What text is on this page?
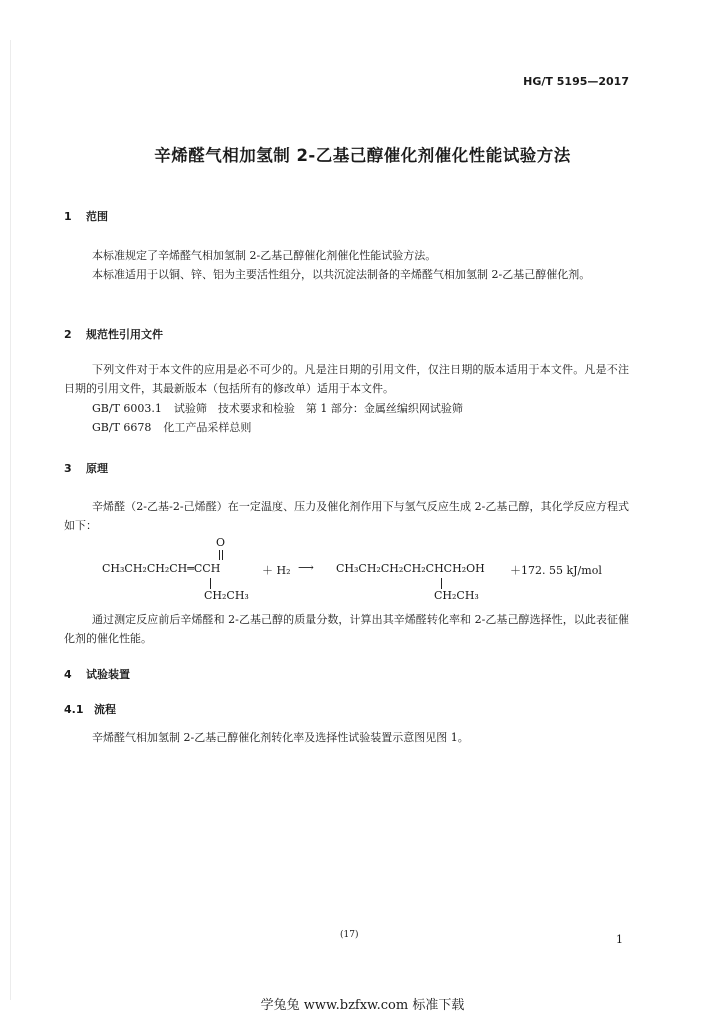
HG/T 5195—2017
辛烯醛气相加氢制 2-乙基己醇催化剂催化性能试验方法
1 范围
本标准规定了辛烯醛气相加氢制 2-乙基己醇催化剂催化性能试验方法。
本标准适用于以铜、锌、铝为主要活性组分，以共沉淀法制备的辛烯醛气相加氢制 2-乙基己醇催化剂。
2 规范性引用文件
下列文件对于本文件的应用是必不可少的。凡是注日期的引用文件，仅注日期的版本适用于本文件。凡是不注日期的引用文件，其最新版本（包括所有的修改单）适用于本文件。
GB/T 6003.1 试验筛　技术要求和检验　第 1 部分：金属丝编织网试验筛
GB/T 6678 化工产品采样总则
3 原理
辛烯醛（2-乙基-2-己烯醛）在一定温度、压力及催化剂作用下与氢气反应生成 2-乙基己醇，其化学反应方程式如下：
O
CH₃CH₂CH₂CH═CCH
CH₂CH₃
＋ H₂ ⟶ CH₃CH₂CH₂CH₂CHCH₂OH
CH₂CH₃
＋172. 55 kJ/mol
通过测定反应前后辛烯醛和 2-乙基己醇的质量分数，计算出其辛烯醛转化率和 2-乙基己醇选择性，以此表征催化剂的催化性能。
4 试验装置
4.1 流程
辛烯醛气相加氢制 2-乙基己醇催化剂转化率及选择性试验装置示意图见图 1。
(17)	1
学兔兔 www.bzfxw.com 标准下载
